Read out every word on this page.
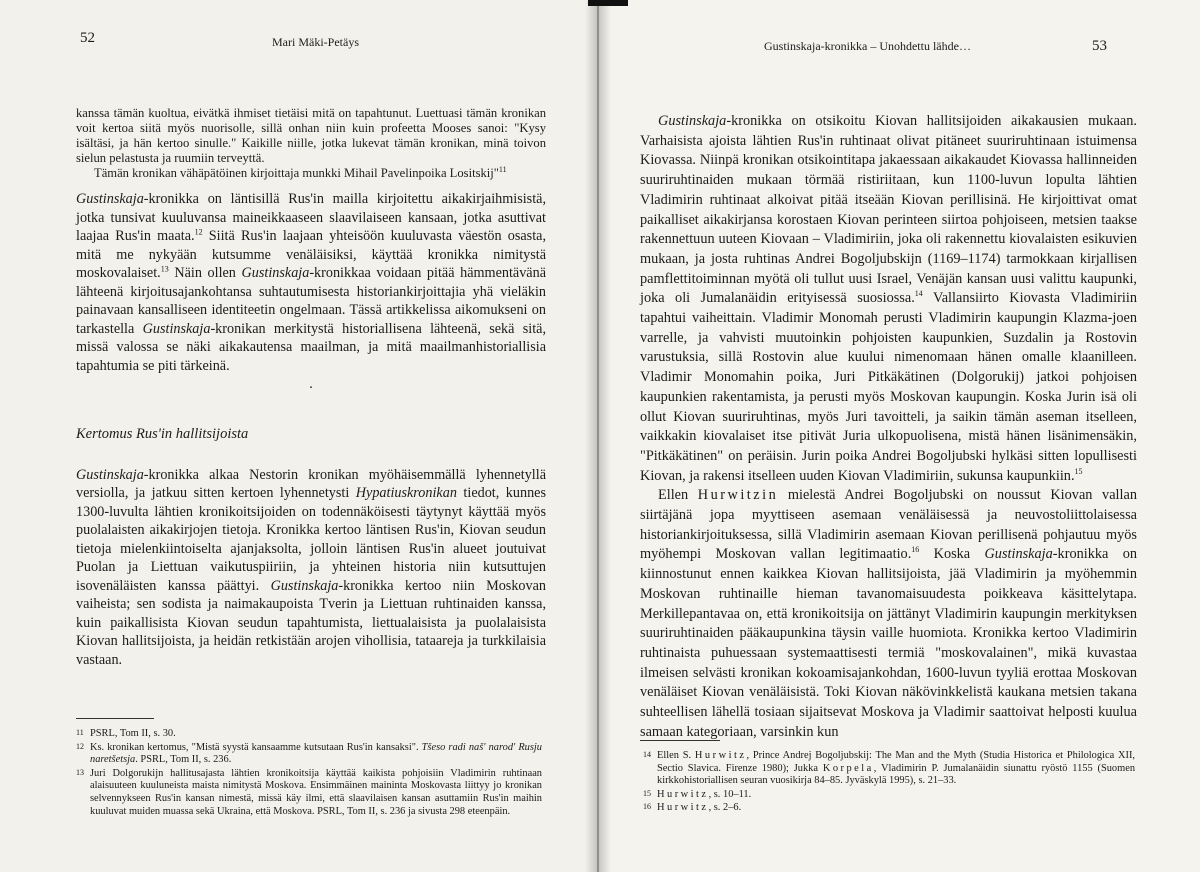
52	Mari Mäki-Petäys

kanssa tämän kuoltua, eivätkä ihmiset tietäisi mitä on tapahtunut. Luettuasi tämän kronikan voit kertoa siitä myös nuorisolle, sillä onhan niin kuin profeetta Mooses sanoi: "Kysy isältäsi, ja hän kertoo sinulle." Kaikille niille, jotka lukevat tämän kronikan, minä toivon sielun pelastusta ja ruumiin terveyttä.

Tämän kronikan vähäpätöinen kirjoittaja munkki Mihail Pavelinpoika Lositskij"$^{11}$

Gustinskaja-kronikka on läntisillä Rus'in mailla kirjoitettu aikakirjaihmisistä, jotka tunsivat kuuluvansa maineikkaaseen slaavilaiseen kansaan, jotka asuttivat laajaa Rus'in maata.$^{12}$ Siitä Rus'in laajaan yhteisöön kuuluvasta väestön osasta, mitä me nykyään kutsumme venäläisiksi, käyttää kronikka nimitystä moskovalaiset.$^{13}$ Näin ollen Gustinskaja-kronikkaa voidaan pitää hämmentävänä lähteenä kirjoitusajankohtansa suhtautumisesta historiankirjoittajia yhä vieläkin painavaan kansalliseen identiteetin ongelmaan. Tässä artikkelissa aikomukseni on tarkastella Gustinskaja-kronikan merkitystä historiallisena lähteenä, sekä sitä, missä valossa se näki aikakautensa maailman, ja mitä maailmanhistoriallisia tapahtumia se piti tärkeinä.

·

Kertomus Rus'in hallitsijoista

Gustinskaja-kronikka alkaa Nestorin kronikan myöhäisemmällä lyhennetyllä versiolla, ja jatkuu sitten kertoen lyhennetysti Hypatiuskronikan tiedot, kunnes 1300-luvulta lähtien kronikoitsijoiden on todennäköisesti täytynyt käyttää myös puolalaisten aikakirjojen tietoja. Kronikka kertoo läntisen Rus'in, Kiovan seudun tietoja mielenkiintoiselta ajanjaksolta, jolloin läntisen Rus'in alueet joutuivat Puolan ja Liettuan vaikutuspiiriin, ja yhteinen historia niin kutsuttujen isovenäläisten kanssa päättyi. Gustinskaja-kronikka kertoo niin Moskovan vaiheista; sen sodista ja naimakaupoista Tverin ja Liettuan ruhtinaiden kanssa, kuin paikallisista Kiovan seudun tapahtumista, liettualaisista ja puolalaisista Kiovan hallitsijoista, ja heidän retkistään arojen vihollisia, tataareja ja turkkilaisia vastaan.

11 PSRL, Tom II, s. 30.

12 Ks. kronikan kertomus, "Mistä syystä kansaamme kutsutaan Rus'in kansaksi". Tšeso radi naš' narod' Rusju naretšetsja. PSRL, Tom II, s. 236.

13 Juri Dolgorukijn hallitusajasta lähtien kronikoitsija käyttää kaikista pohjoisiin Vladimirin ruhtinaan alaisuuteen kuuluneista maista nimitystä Moskova. Ensimmäinen maininta Moskovasta liittyy jo kronikan selvennykseen Rus'in kansan nimestä, missä käy ilmi, että slaavilaisen kansan asuttamiin Rus'in maihin kuuluvat muiden muassa sekä Ukraina, että Moskova. PSRL, Tom II, s. 236 ja sivusta 298 eteenpäin.

Gustinskaja-kronikka – Unohdettu lähde…	53

Gustinskaja-kronikka on otsikoitu Kiovan hallitsijoiden aikakausien mukaan. Varhaisista ajoista lähtien Rus'in ruhtinaat olivat pitäneet suuriruhtinaan istuimensa Kiovassa. Niinpä kronikan otsikointitapa jakaessaan aikakaudet Kiovassa hallinneiden suuriruhtinaiden mukaan törmää ristiriitaan, kun 1100-luvun lopulta lähtien Vladimirin ruhtinaat alkoivat pitää itseään Kiovan perillisinä. He kirjoittivat omat paikalliset aikakirjansa korostaen Kiovan perinteen siirtoa pohjoiseen, metsien taakse rakennettuun uuteen Kiovaan – Vladimiriin, joka oli rakennettu kiovalaisten esikuvien mukaan, ja josta ruhtinas Andrei Bogoljubskijn (1169–1174) tarmokkaan kirjallisen pamflettitoiminnan myötä oli tullut uusi Israel, Venäjän kansan uusi valittu kaupunki, joka oli Jumalanäidin erityisessä suosiossa.$^{14}$ Vallansiirto Kiovasta Vladimiriin tapahtui vaiheittain. Vladimir Monomah perusti Vladimirin kaupungin Klazma-joen varrelle, ja vahvisti muutoinkin pohjoisten kaupunkien, Suzdalin ja Rostovin varustuksia, sillä Rostovin alue kuului nimenomaan hänen omalle klaanilleen. Vladimir Monomahin poika, Juri Pitkäkätinen (Dolgorukij) jatkoi pohjoisen kaupunkien rakentamista, ja perusti myös Moskovan kaupungin. Koska Jurin isä oli ollut Kiovan suuriruhtinas, myös Juri tavoitteli, ja saikin tämän aseman itselleen, vaikkakin kiovalaiset itse pitivät Juria ulkopuolisena, mistä hänen lisänimensäkin, "Pitkäkätinen" on peräisin. Jurin poika Andrei Bogoljubski hylkäsi sitten lopullisesti Kiovan, ja rakensi itselleen uuden Kiovan Vladimiriin, sukunsa kaupunkiin.$^{15}$

Ellen Hurwitzin mielestä Andrei Bogoljubski on noussut Kiovan vallan siirtäjänä jopa myyttiseen asemaan venäläisessä ja neuvostoliittolaisessa historiankirjoituksessa, sillä Vladimirin asemaan Kiovan perillisenä pohjautuu myös myöhempi Moskovan vallan legitimaatio.$^{16}$ Koska Gustinskaja-kronikka on kiinnostunut ennen kaikkea Kiovan hallitsijoista, jää Vladimirin ja myöhemmin Moskovan ruhtinaille hieman tavanomaisuudesta poikkeava käsittelytapa. Merkillepantavaa on, että kronikoitsija on jättänyt Vladimirin kaupungin merkityksen suuriruhtinaiden pääkaupunkina täysin vaille huomiota. Kronikka kertoo Vladimirin ruhtinaista puhuessaan systemaattisesti termiä "moskovalainen", mikä kuvastaa ilmeisen selvästi kronikan kokoamisajankohdan, 1600-luvun tyyliä erottaa Moskovan venäläiset Kiovan venäläisistä. Toki Kiovan näkövinkkelistä kaukana metsien takana suhteellisen lähellä tosiaan sijaitsevat Moskova ja Vladimir saattoivat helposti kuulua samaan kategoriaan, varsinkin kun

14 Ellen S. Hurwitz, Prince Andrej Bogoljubskij: The Man and the Myth (Studia Historica et Philologica XII, Sectio Slavica. Firenze 1980); Jukka Korpela, Vladimirin P. Jumalanäidin siunattu ryöstö 1155 (Suomen kirkkohistoriallisen seuran vuosikirja 84–85. Jyväskylä 1995), s. 21–33.

15 Hurwitz, s. 10–11.

16 Hurwitz, s. 2–6.
